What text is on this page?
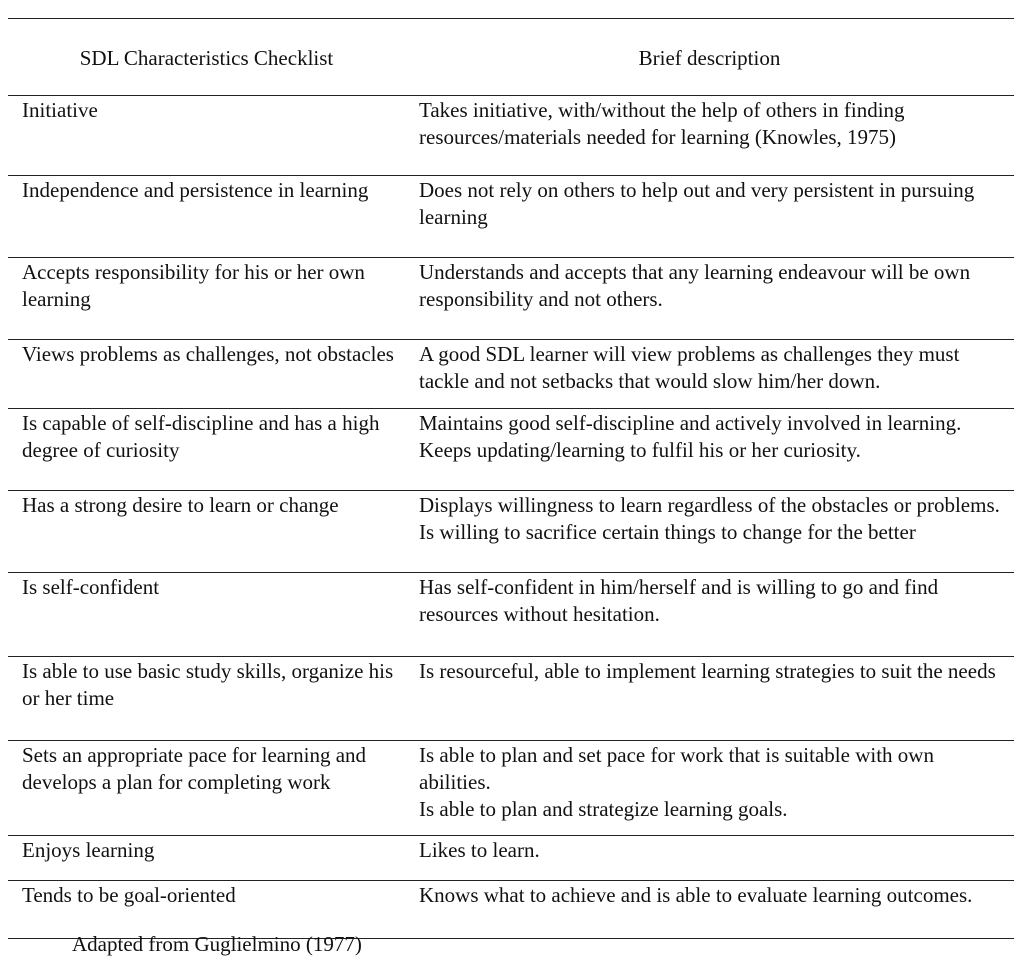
SDL Characteristics Checklist	Brief description
Initiative	Takes initiative, with/without the help of others in finding resources/materials needed for learning (Knowles, 1975)

Independence and persistence in learning	Does not rely on others to help out and very persistent in pursuing learning

Accepts responsibility for his or her own learning	Understands and accepts that any learning endeavour will be own responsibility and not others.

Views problems as challenges, not obstacles	A good SDL learner will view problems as challenges they must tackle and not setbacks that would slow him/her down.

Is capable of self-discipline and has a high degree of curiosity	Maintains good self-discipline and actively involved in learning.
Keeps updating/learning to fulfil his or her curiosity.

Has a strong desire to learn or change	Displays willingness to learn regardless of the obstacles or problems.
Is willing to sacrifice certain things to change for the better

Is self-confident	Has self-confident in him/herself and is willing to go and find resources without hesitation.

Is able to use basic study skills, organize his or her time	Is resourceful, able to implement learning strategies to suit the needs

Sets an appropriate pace for learning and develops a plan for completing work	Is able to plan and set pace for work that is suitable with own abilities.
Is able to plan and strategize learning goals.

Enjoys learning	Likes to learn.

Tends to be goal-oriented	Knows what to achieve and is able to evaluate learning outcomes.
Adapted from Guglielmino (1977)
